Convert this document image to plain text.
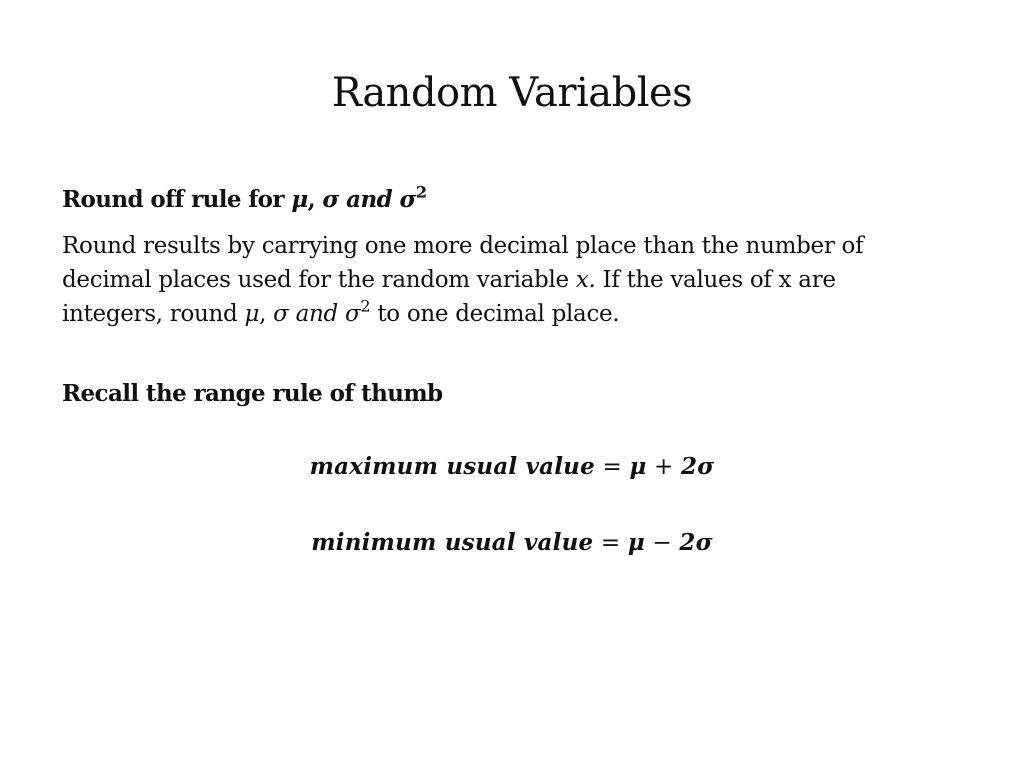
Random Variables

Round off rule for μ, σ and $\sigma^2$

Round results by carrying one more decimal place than the number of decimal places used for the random variable x. If the values of x are integers, round μ, σ and $\sigma^2$ to one decimal place.

Recall the range rule of thumb

maximum usual value = μ + 2σ

minimum usual value = μ − 2σ
